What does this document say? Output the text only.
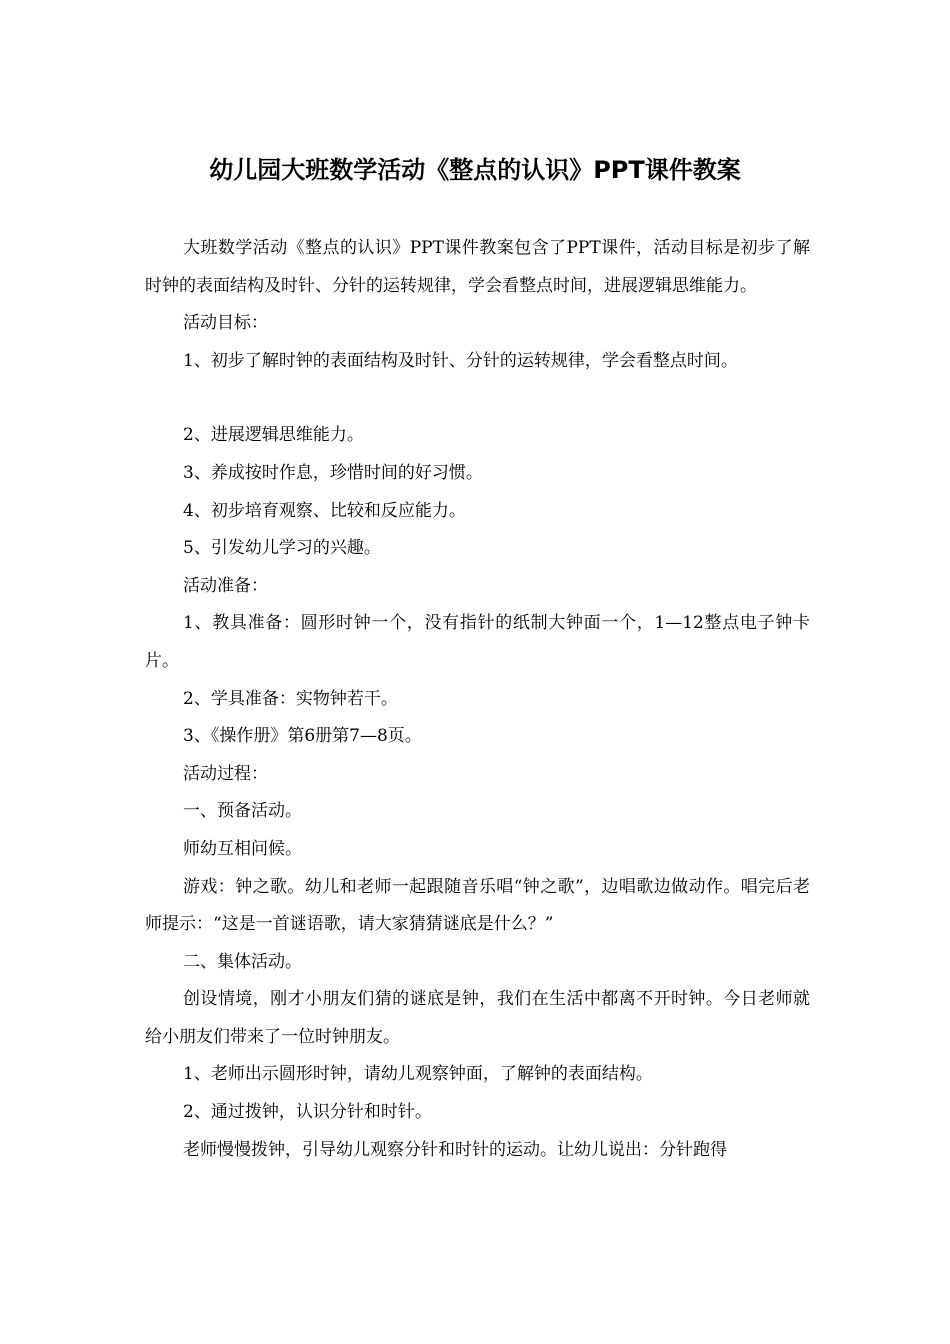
幼儿园大班数学活动《整点的认识》PPT课件教案

大班数学活动《整点的认识》PPT课件教案包含了PPT课件，活动目标是初步了解时钟的表面结构及时针、分针的运转规律，学会看整点时间，进展逻辑思维能力。

活动目标：

1、初步了解时钟的表面结构及时针、分针的运转规律，学会看整点时间。

2、进展逻辑思维能力。

3、养成按时作息，珍惜时间的好习惯。

4、初步培育观察、比较和反应能力。

5、引发幼儿学习的兴趣。

活动准备：

1、教具准备：圆形时钟一个，没有指针的纸制大钟面一个，1—12整点电子钟卡片。

2、学具准备：实物钟若干。

3、《操作册》第6册第7—8页。

活动过程：

一、预备活动。

师幼互相问候。

游戏：钟之歌。幼儿和老师一起跟随音乐唱“钟之歌”，边唱歌边做动作。唱完后老师提示：“这是一首谜语歌，请大家猜猜谜底是什么？”

二、集体活动。

创设情境，刚才小朋友们猜的谜底是钟，我们在生活中都离不开时钟。今日老师就给小朋友们带来了一位时钟朋友。

1、老师出示圆形时钟，请幼儿观察钟面，了解钟的表面结构。

2、通过拨钟，认识分针和时针。

老师慢慢拨钟，引导幼儿观察分针和时针的运动。让幼儿说出：分针跑得
